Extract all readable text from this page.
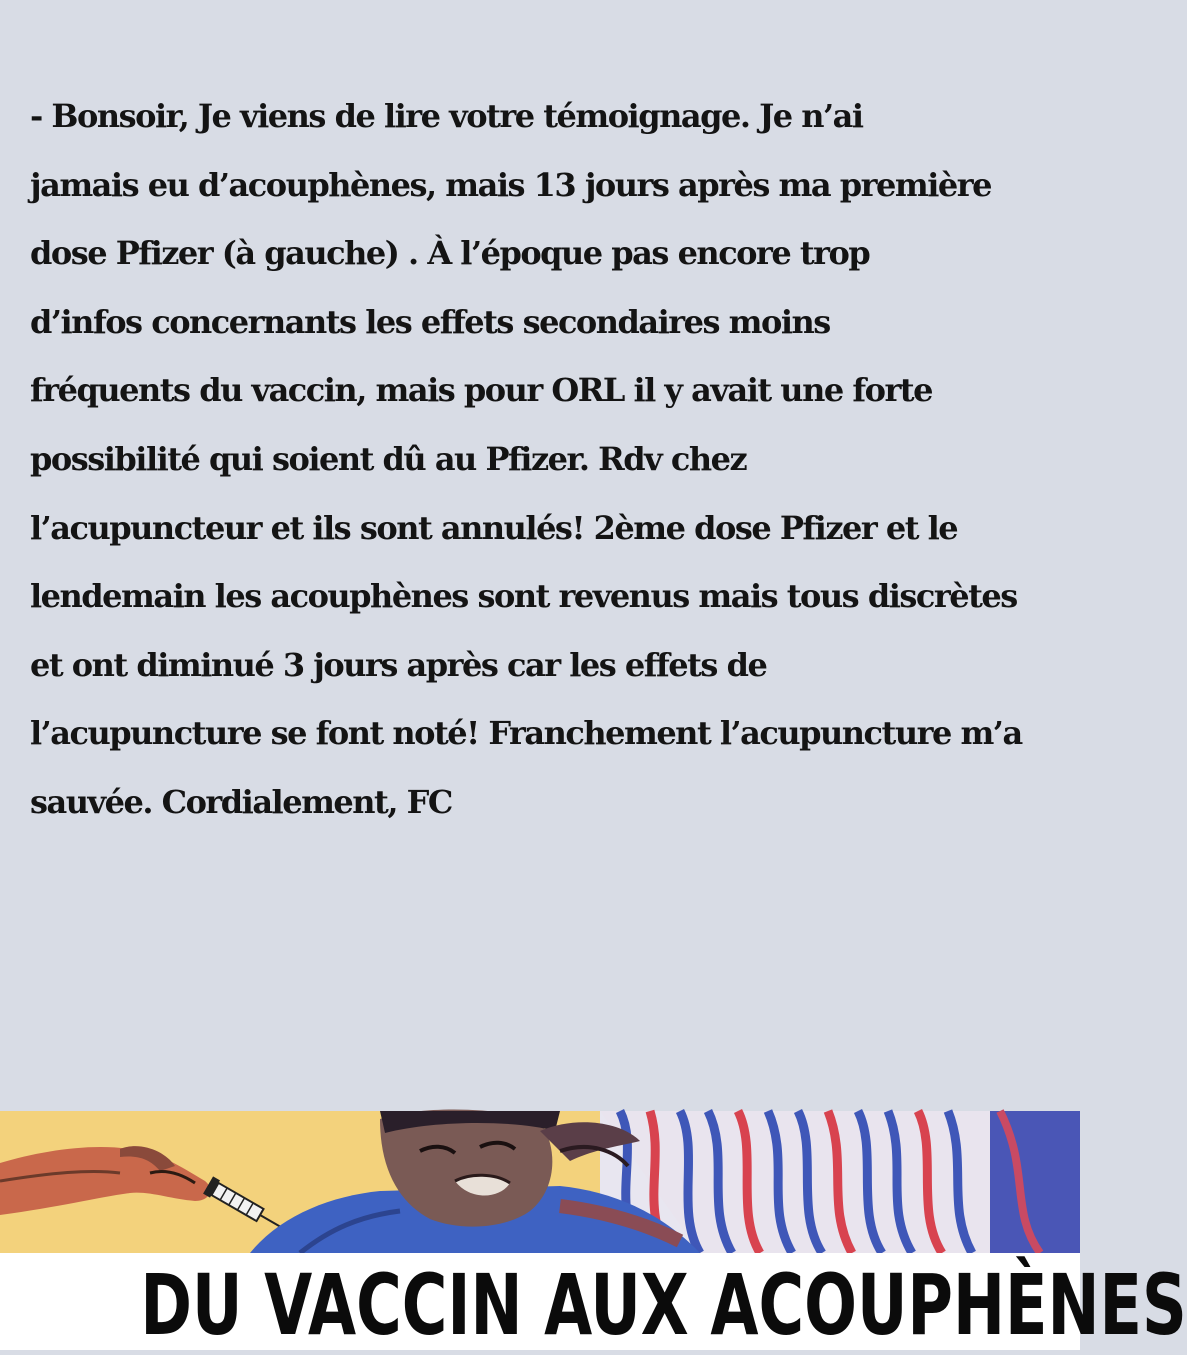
- Bonsoir, Je viens de lire votre témoignage. Je n’ai
jamais eu d’acouphènes, mais 13 jours après ma première
dose Pfizer (à gauche) . À l’époque pas encore trop
d’infos concernants les effets secondaires moins
fréquents du vaccin, mais pour ORL il y avait une forte
possibilité qui soient dû au Pfizer. Rdv chez
l’acupuncteur et ils sont annulés! 2ème dose Pfizer et le
lendemain les acouphènes sont revenus mais tous discrètes
et ont diminué 3 jours après car les effets de
l’acupuncture se font noté! Franchement l’acupuncture m’a
sauvée. Cordialement, FC
DU VACCIN AUX ACOUPHÈNES
